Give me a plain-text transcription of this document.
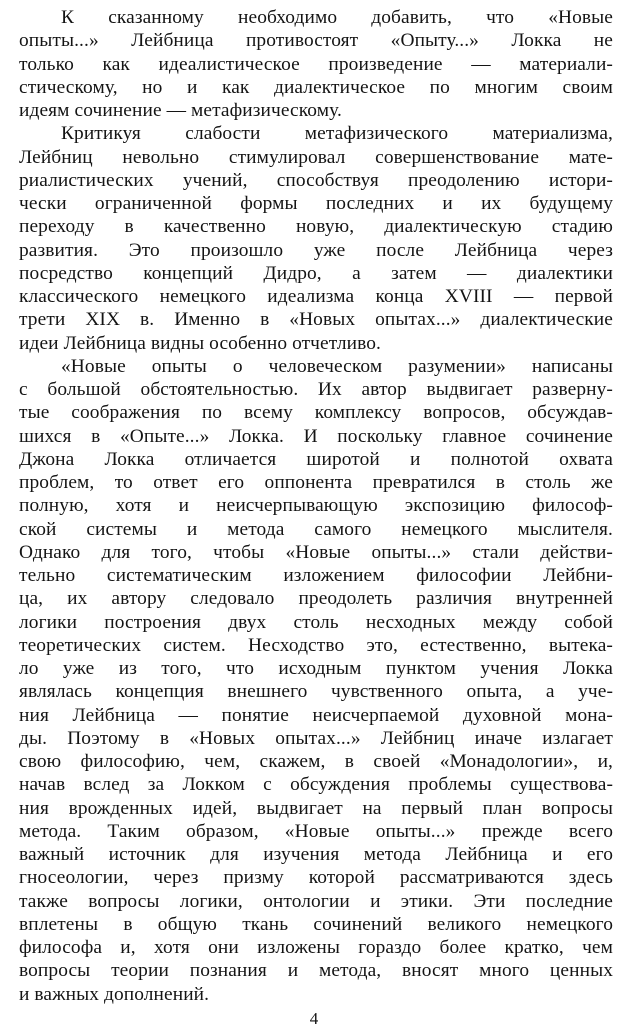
К сказанному необходимо добавить, что «Новые
опыты...» Лейбница противостоят «Опыту...» Локка не
только как идеалистическое произведение — материали-
стическому, но и как диалектическое по многим своим
идеям сочинение — метафизическому.
Критикуя слабости метафизического материализма,
Лейбниц невольно стимулировал совершенствование мате-
риалистических учений, способствуя преодолению истори-
чески ограниченной формы последних и их будущему
переходу в качественно новую, диалектическую стадию
развития. Это произошло уже после Лейбница через
посредство концепций Дидро, а затем — диалектики
классического немецкого идеализма конца XVIII — первой
трети XIX в. Именно в «Новых опытах...» диалектические
идеи Лейбница видны особенно отчетливо.
«Новые опыты о человеческом разумении» написаны
с большой обстоятельностью. Их автор выдвигает разверну-
тые соображения по всему комплексу вопросов, обсуждав-
шихся в «Опыте...» Локка. И поскольку главное сочинение
Джона Локка отличается широтой и полнотой охвата
проблем, то ответ его оппонента превратился в столь же
полную, хотя и неисчерпывающую экспозицию философ-
ской системы и метода самого немецкого мыслителя.
Однако для того, чтобы «Новые опыты...» стали действи-
тельно систематическим изложением философии Лейбни-
ца, их автору следовало преодолеть различия внутренней
логики построения двух столь несходных между собой
теоретических систем. Несходство это, естественно, вытека-
ло уже из того, что исходным пунктом учения Локка
являлась концепция внешнего чувственного опыта, а уче-
ния Лейбница — понятие неисчерпаемой духовной мона-
ды. Поэтому в «Новых опытах...» Лейбниц иначе излагает
свою философию, чем, скажем, в своей «Монадологии», и,
начав вслед за Локком с обсуждения проблемы существова-
ния врожденных идей, выдвигает на первый план вопросы
метода. Таким образом, «Новые опыты...» прежде всего
важный источник для изучения метода Лейбница и его
гносеологии, через призму которой рассматриваются здесь
также вопросы логики, онтологии и этики. Эти последние
вплетены в общую ткань сочинений великого немецкого
философа и, хотя они изложены гораздо более кратко, чем
вопросы теории познания и метода, вносят много ценных
и важных дополнений.
4
